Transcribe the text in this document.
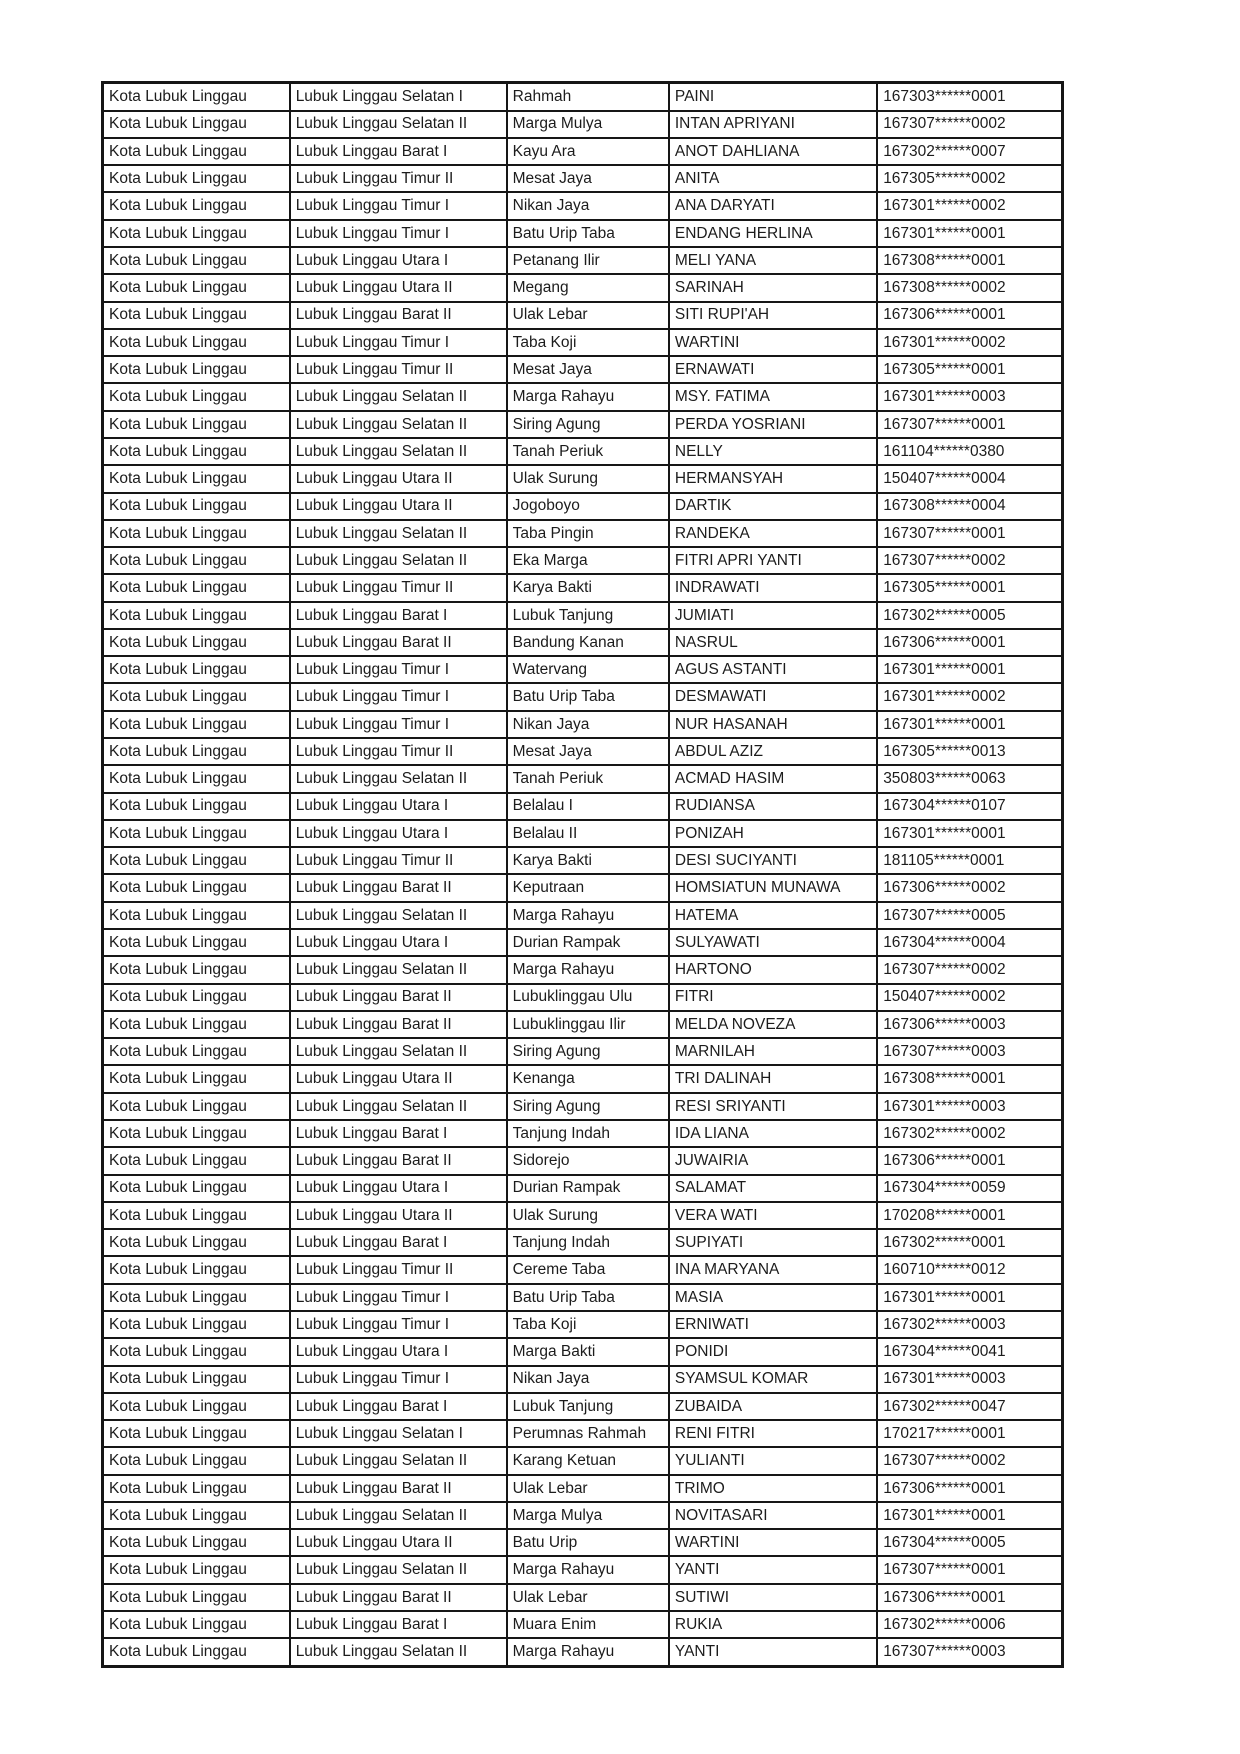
Kota Lubuk Linggau	Lubuk Linggau Selatan I	Rahmah	PAINI	167303******0001
Kota Lubuk Linggau	Lubuk Linggau Selatan II	Marga Mulya	INTAN APRIYANI	167307******0002
Kota Lubuk Linggau	Lubuk Linggau Barat I	Kayu Ara	ANOT DAHLIANA	167302******0007
Kota Lubuk Linggau	Lubuk Linggau Timur II	Mesat Jaya	ANITA	167305******0002
Kota Lubuk Linggau	Lubuk Linggau Timur I	Nikan Jaya	ANA DARYATI	167301******0002
Kota Lubuk Linggau	Lubuk Linggau Timur I	Batu Urip Taba	ENDANG HERLINA	167301******0001
Kota Lubuk Linggau	Lubuk Linggau Utara I	Petanang Ilir	MELI YANA	167308******0001
Kota Lubuk Linggau	Lubuk Linggau Utara II	Megang	SARINAH	167308******0002
Kota Lubuk Linggau	Lubuk Linggau Barat II	Ulak Lebar	SITI RUPI'AH	167306******0001
Kota Lubuk Linggau	Lubuk Linggau Timur I	Taba Koji	WARTINI	167301******0002
Kota Lubuk Linggau	Lubuk Linggau Timur II	Mesat Jaya	ERNAWATI	167305******0001
Kota Lubuk Linggau	Lubuk Linggau Selatan II	Marga Rahayu	MSY. FATIMA	167301******0003
Kota Lubuk Linggau	Lubuk Linggau Selatan II	Siring Agung	PERDA YOSRIANI	167307******0001
Kota Lubuk Linggau	Lubuk Linggau Selatan II	Tanah Periuk	NELLY	161104******0380
Kota Lubuk Linggau	Lubuk Linggau Utara II	Ulak Surung	HERMANSYAH	150407******0004
Kota Lubuk Linggau	Lubuk Linggau Utara II	Jogoboyo	DARTIK	167308******0004
Kota Lubuk Linggau	Lubuk Linggau Selatan II	Taba Pingin	RANDEKA	167307******0001
Kota Lubuk Linggau	Lubuk Linggau Selatan II	Eka Marga	FITRI APRI YANTI	167307******0002
Kota Lubuk Linggau	Lubuk Linggau Timur II	Karya Bakti	INDRAWATI	167305******0001
Kota Lubuk Linggau	Lubuk Linggau Barat I	Lubuk Tanjung	JUMIATI	167302******0005
Kota Lubuk Linggau	Lubuk Linggau Barat II	Bandung Kanan	NASRUL	167306******0001
Kota Lubuk Linggau	Lubuk Linggau Timur I	Watervang	AGUS ASTANTI	167301******0001
Kota Lubuk Linggau	Lubuk Linggau Timur I	Batu Urip Taba	DESMAWATI	167301******0002
Kota Lubuk Linggau	Lubuk Linggau Timur I	Nikan Jaya	NUR HASANAH	167301******0001
Kota Lubuk Linggau	Lubuk Linggau Timur II	Mesat Jaya	ABDUL AZIZ	167305******0013
Kota Lubuk Linggau	Lubuk Linggau Selatan II	Tanah Periuk	ACMAD HASIM	350803******0063
Kota Lubuk Linggau	Lubuk Linggau Utara I	Belalau I	RUDIANSA	167304******0107
Kota Lubuk Linggau	Lubuk Linggau Utara I	Belalau II	PONIZAH	167301******0001
Kota Lubuk Linggau	Lubuk Linggau Timur II	Karya Bakti	DESI SUCIYANTI	181105******0001
Kota Lubuk Linggau	Lubuk Linggau Barat II	Keputraan	HOMSIATUN MUNAWA	167306******0002
Kota Lubuk Linggau	Lubuk Linggau Selatan II	Marga Rahayu	HATEMA	167307******0005
Kota Lubuk Linggau	Lubuk Linggau Utara I	Durian Rampak	SULYAWATI	167304******0004
Kota Lubuk Linggau	Lubuk Linggau Selatan II	Marga Rahayu	HARTONO	167307******0002
Kota Lubuk Linggau	Lubuk Linggau Barat II	Lubuklinggau Ulu	FITRI	150407******0002
Kota Lubuk Linggau	Lubuk Linggau Barat II	Lubuklinggau Ilir	MELDA NOVEZA	167306******0003
Kota Lubuk Linggau	Lubuk Linggau Selatan II	Siring Agung	MARNILAH	167307******0003
Kota Lubuk Linggau	Lubuk Linggau Utara II	Kenanga	TRI DALINAH	167308******0001
Kota Lubuk Linggau	Lubuk Linggau Selatan II	Siring Agung	RESI SRIYANTI	167301******0003
Kota Lubuk Linggau	Lubuk Linggau Barat I	Tanjung Indah	IDA LIANA	167302******0002
Kota Lubuk Linggau	Lubuk Linggau Barat II	Sidorejo	JUWAIRIA	167306******0001
Kota Lubuk Linggau	Lubuk Linggau Utara I	Durian Rampak	SALAMAT	167304******0059
Kota Lubuk Linggau	Lubuk Linggau Utara II	Ulak Surung	VERA WATI	170208******0001
Kota Lubuk Linggau	Lubuk Linggau Barat I	Tanjung Indah	SUPIYATI	167302******0001
Kota Lubuk Linggau	Lubuk Linggau Timur II	Cereme Taba	INA MARYANA	160710******0012
Kota Lubuk Linggau	Lubuk Linggau Timur I	Batu Urip Taba	MASIA	167301******0001
Kota Lubuk Linggau	Lubuk Linggau Timur I	Taba Koji	ERNIWATI	167302******0003
Kota Lubuk Linggau	Lubuk Linggau Utara I	Marga Bakti	PONIDI	167304******0041
Kota Lubuk Linggau	Lubuk Linggau Timur I	Nikan Jaya	SYAMSUL KOMAR	167301******0003
Kota Lubuk Linggau	Lubuk Linggau Barat I	Lubuk Tanjung	ZUBAIDA	167302******0047
Kota Lubuk Linggau	Lubuk Linggau Selatan I	Perumnas Rahmah	RENI FITRI	170217******0001
Kota Lubuk Linggau	Lubuk Linggau Selatan II	Karang Ketuan	YULIANTI	167307******0002
Kota Lubuk Linggau	Lubuk Linggau Barat II	Ulak Lebar	TRIMO	167306******0001
Kota Lubuk Linggau	Lubuk Linggau Selatan II	Marga Mulya	NOVITASARI	167301******0001
Kota Lubuk Linggau	Lubuk Linggau Utara II	Batu Urip	WARTINI	167304******0005
Kota Lubuk Linggau	Lubuk Linggau Selatan II	Marga Rahayu	YANTI	167307******0001
Kota Lubuk Linggau	Lubuk Linggau Barat II	Ulak Lebar	SUTIWI	167306******0001
Kota Lubuk Linggau	Lubuk Linggau Barat I	Muara Enim	RUKIA	167302******0006
Kota Lubuk Linggau	Lubuk Linggau Selatan II	Marga Rahayu	YANTI	167307******0003
